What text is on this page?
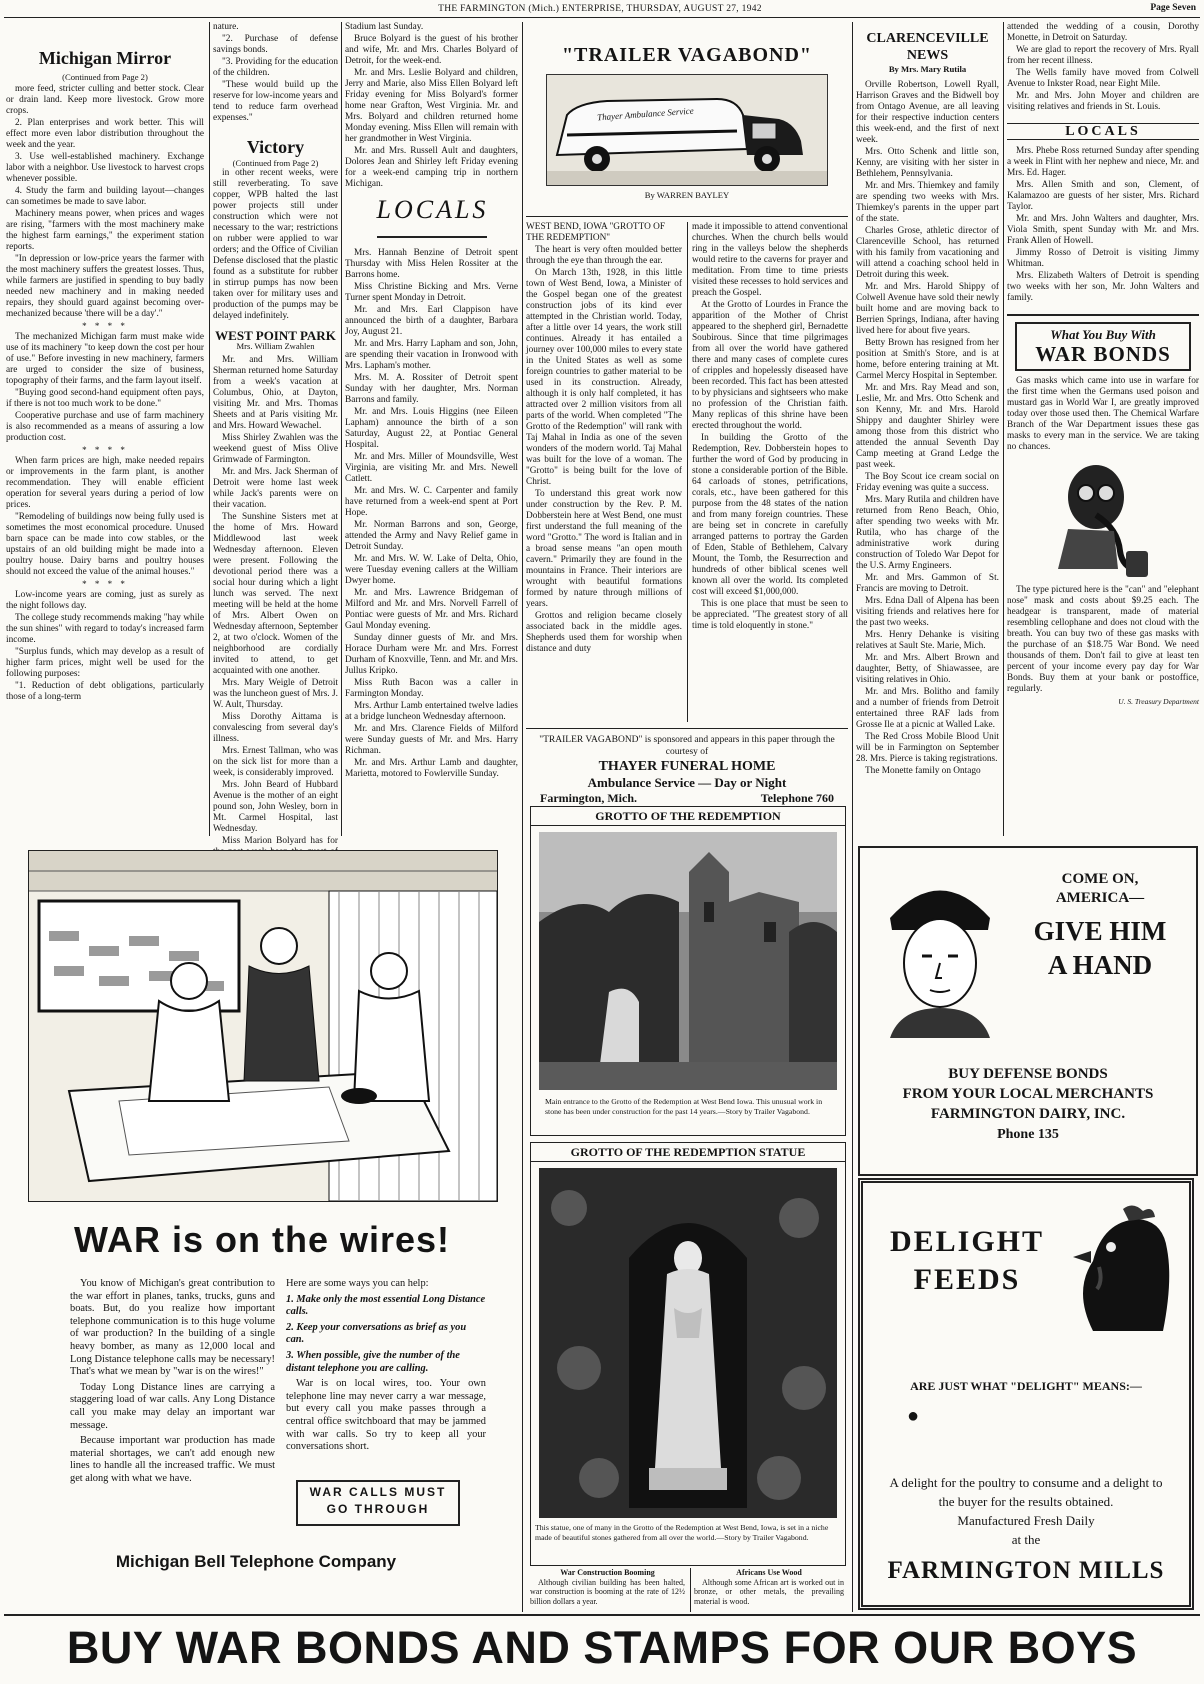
THE FARMINGTON (Mich.) ENTERPRISE, THURSDAY, AUGUST 27, 1942	Page Seven
Michigan Mirror
(Continued from Page 2)

more feed, stricter culling and better stock. Clear or drain land. Keep more livestock. Grow more crops.

2. Plan enterprises and work better. This will effect more even labor distribution throughout the week and the year.

3. Use well-established machinery. Exchange labor with a neighbor. Use livestock to harvest crops whenever possible.

4. Study the farm and building layout—changes can sometimes be made to save labor.

Machinery means power, when prices and wages are rising, "farmers with the most machinery make the highest farm earnings," the experiment station reports.

"In depression or low-price years the farmer with the most machinery suffers the greatest losses. Thus, while farmers are justified in spending to buy badly needed new machinery and in making needed repairs, they should guard against becoming over-mechanized because 'there will be a day'."

* * * *

The mechanized Michigan farm must make wide use of its machinery "to keep down the cost per hour of use." Before investing in new machinery, farmers are urged to consider the size of business, topography of their farms, and the farm layout itself.

"Buying good second-hand equipment often pays, if there is not too much work to be done."

Cooperative purchase and use of farm machinery is also recommended as a means of assuring a low production cost.

* * * *

When farm prices are high, make needed repairs or improvements in the farm plant, is another recommendation. They will enable efficient operation for several years during a period of low prices.

"Remodeling of buildings now being fully used is sometimes the most economical procedure. Unused barn space can be made into cow stables, or the upstairs of an old building might be made into a poultry house. Dairy barns and poultry houses should not exceed the value of the animal houses."

* * * *

Low-income years are coming, just as surely as the night follows day.

The college study recommends making "hay while the sun shines" with regard to today's increased farm income.

"Surplus funds, which may develop as a result of higher farm prices, might well be used for the following purposes:

"1. Reduction of debt obligations, particularly those of a long-term

nature.

"2. Purchase of defense savings bonds.

"3. Providing for the education of the children.

"These would build up the reserve for low-income years and tend to reduce farm overhead expenses."

Victory
(Continued from Page 2)

in other recent weeks, were still reverberating. To save copper, WPB halted the last power projects still under construction which were not necessary to the war; restrictions on rubber were applied to war orders; and the Office of Civilian Defense disclosed that the plastic found as a substitute for rubber in stirrup pumps has now been taken over for military uses and production of the pumps may be delayed indefinitely.

WEST POINT PARK
Mrs. William Zwahlen

Mr. and Mrs. William Sherman returned home Saturday from a week's vacation at Columbus, Ohio, at Dayton, visiting Mr. and Mrs. Thomas Sheets and at Paris visiting Mr. and Mrs. Howard Wewachel.

Miss Shirley Zwahlen was the weekend guest of Miss Olive Grimwade of Farmington.

Mr. and Mrs. Jack Sherman of Detroit were home last week while Jack's parents were on their vacation.

The Sunshine Sisters met at the home of Mrs. Howard Middlewood last week Wednesday afternoon. Eleven were present. Following the devotional period there was a social hour during which a light lunch was served. The next meeting will be held at the home of Mrs. Albert Owen on Wednesday afternoon, September 2, at two o'clock. Women of the neighborhood are cordially invited to attend, to get acquainted with one another.

Mrs. Mary Weigle of Detroit was the luncheon guest of Mrs. J. W. Ault, Thursday.

Miss Dorothy Aittama is convalescing from several day's illness.

Mrs. Ernest Tallman, who was on the sick list for more than a week, is considerably improved.

Mrs. John Beard of Hubbard Avenue is the mother of an eight pound son, John Wesley, born in Mt. Carmel Hospital, last Wednesday.

Miss Marion Bolyard has for

Stadium last Sunday.

Bruce Bolyard is the guest of his brother and wife, Mr. and Mrs. Charles Bolyard of Detroit, for the week-end.

Mr. and Mrs. Leslie Bolyard and children, Jerry and Marie, also Miss Ellen Bolyard left Friday evening for Miss Bolyard's former home near Grafton, West Virginia. Mr. and Mrs. Bolyard and children returned home Monday evening. Miss Ellen will remain with her grandmother in West Virginia.

Mr. and Mrs. Russell Ault and daughters, Dolores Jean and Shirley left Friday evening for a week-end camping trip in northern Michigan.

LOCALS

Mrs. Hannah Benzine of Detroit spent Thursday with Miss Helen Rossiter at the Barrons home.

Miss Christine Bicking and Mrs. Verne Turner spent Monday in Detroit.

Mr. and Mrs. Earl Clappison have announced the birth of a daughter, Barbara Joy, August 21.

Mr. and Mrs. Harry Lapham and son, John, are spending their vacation in Ironwood with Mrs. Lapham's mother.

Mrs. M. A. Rossiter of Detroit spent Sunday with her daughter, Mrs. Norman Barrons and family.

Mr. and Mrs. Louis Higgins (nee Eileen Lapham) announce the birth of a son Saturday, August 22, at Pontiac General Hospital.

Mr. and Mrs. Miller of Moundsville, West Virginia, are visiting Mr. and Mrs. Newell Catlett.

Mr. and Mrs. W. C. Carpenter and family have returned from a week-end spent at Port Hope.

Mr. Norman Barrons and son, George, attended the Army and Navy Relief game in Detroit Sunday.

Mr. and Mrs. W. W. Lake of Delta, Ohio, were Tuesday evening callers at the William Dwyer home.

Mr. and Mrs. Lawrence Bridgeman of Milford and Mr. and Mrs. Norvell Farrell of Pontiac were guests of Mr. and Mrs. Richard Gaul Monday evening.

Sunday dinner guests of Mr. and Mrs. Horace Durham were Mr. and Mrs. Forrest Durham of Knoxville, Tenn. and Mr. and Mrs. Jullus Kripko.

Miss Ruth Bacon was a caller in Farmington Monday.

Mrs. Arthur Lamb entertained twelve ladies at a bridge luncheon Wednesday afternoon.

Mr. and Mrs. Clarence Fields of Milford were Sunday guests of Mr. and Mrs. Harry Richman.

Mr. and Mrs. Arthur Lamb and daughter, Marietta, motored to Fowlerville Sunday.

"TRAILER VAGABOND"
Thayer Ambulance Service
By WARREN BAYLEY

WEST BEND, IOWA "GROTTO OF THE REDEMPTION"

The heart is very often moulded better through the eye than through the ear.

On March 13th, 1928, in this little town of West Bend, Iowa, a Minister of the Gospel began one of the greatest construction jobs of its kind ever attempted in the Christian world. Today, after a little over 14 years, the work still continues. Already it has entailed a journey over 100,000 miles to every state in the United States as well as some foreign countries to gather material to be used in its construction. Already, although it is only half completed, it has attracted over 2 million visitors from all parts of the world. When completed "The Grotto of the Redemption" will rank with Taj Mahal in India as one of the seven wonders of the modern world. Taj Mahal was built for the love of a woman. The "Grotto" is being built for the love of Christ.

To understand this great work now under construction by the Rev. P. M. Dobberstein here at West Bend, one must first understand the full meaning of the word "Grotto." The word is Italian and in a broad sense means "an open mouth cavern." Primarily they are found in the mountains in France. Their interiors are wrought with beautiful formations formed by nature through millions of years.

Grottos and religion became closely associated back in the middle ages. Shepherds used them for worship when distance and duty

made it impossible to attend conventional churches. When the church bells would ring in the valleys below the shepherds would retire to the caverns for prayer and meditation. From time to time priests visited these recesses to hold services and preach the Gospel.

At the Grotto of Lourdes in France the apparition of the Mother of Christ appeared to the shepherd girl, Bernadette Soubirous. Since that time pilgrimages from all over the world have gathered there and many cases of complete cures of cripples and hopelessly diseased have been recorded. This fact has been attested to by physicians and sightseers who make no profession of the Christian faith. Many replicas of this shrine have been erected throughout the world.

In building the Grotto of the Redemption, Rev. Dobberstein hopes to further the word of God by producing in stone a considerable portion of the Bible. 64 carloads of stones, petrifications, corals, etc., have been gathered for this purpose from the 48 states of the nation and from many foreign countries. These are being set in concrete in carefully arranged patterns to portray the Garden of Eden, Stable of Bethlehem, Calvary Mount, the Tomb, the Resurrection and hundreds of other biblical scenes well known all over the world. Its completed cost will exceed $1,000,000.

This is one place that must be seen to be appreciated. "The greatest story of all time is told eloquently in stone."

"TRAILER VAGABOND" is sponsored and appears in this paper through the courtesy of
THAYER FUNERAL HOME
Ambulance Service — Day or Night
Farmington, Mich.	Telephone 760
CLARENCEVILLE NEWS
By Mrs. Mary Rutila

Orville Robertson, Lowell Ryall, Harrison Graves and the Bidwell boy from Ontago Avenue, are all leaving for their respective induction centers this week-end, and the first of next week.

Mrs. Otto Schenk and little son, Kenny, are visiting with her sister in Bethlehem, Pennsylvania.

Mr. and Mrs. Thiemkey and family are spending two weeks with Mrs. Thiemkey's parents in the upper part of the state.

Charles Grose, athletic director of Clarenceville School, has returned with his family from vacationing and will attend a coaching school held in Detroit during this week.

Mr. and Mrs. Harold Shippy of Colwell Avenue have sold their newly built home and are moving back to Berrien Springs, Indiana, after having lived here for about five years.

Betty Brown has resigned from her position at Smith's Store, and is at home, before entering training at Mt. Carmel Mercy Hospital in September.

Mr. and Mrs. Ray Mead and son, Leslie, Mr. and Mrs. Otto Schenk and son Kenny, Mr. and Mrs. Harold Shippy and daughter Shirley were among those from this district who attended the annual Seventh Day Camp meeting at Grand Ledge the past week.

The Boy Scout ice cream social on Friday evening was quite a success.

Mrs. Mary Rutila and children have returned from Reno Beach, Ohio, after spending two weeks with Mr. Rutila, who has charge of the administrative work during construction of Toledo War Depot for the U.S. Army Engineers.

Mr. and Mrs. Gammon of St. Francis are moving to Detroit.

Mrs. Edna Dall of Alpena has been visiting friends and relatives here for the past two weeks.

Mrs. Henry Dehanke is visiting relatives at Sault Ste. Marie, Mich.

Mr. and Mrs. Albert Brown and daughter, Betty, of Shiawassee, are visiting relatives in Ohio.

Mr. and Mrs. Bolitho and family and a number of friends from Detroit entertained three RAF lads from Grosse Ile at a picnic at Walled Lake.

The Red Cross Mobile Blood Unit will be in Farmington on September 28. Mrs. Pierce is taking registrations.

The Monette family on Ontago

attended the wedding of a cousin, Dorothy Monette, in Detroit on Saturday.

We are glad to report the recovery of Mrs. Ryall from her recent illness.

The Wells family have moved from Colwell Avenue to Inkster Road, near Eight Mile.

Mr. and Mrs. John Moyer and children are visiting relatives and friends in St. Louis.

LOCALS

Mrs. Phebe Ross returned Sunday after spending a week in Flint with her nephew and niece, Mr. and Mrs. Ed. Hager.

Mrs. Allen Smith and son, Clement, of Kalamazoo are guests of her sister, Mrs. Richard Taylor.

Mr. and Mrs. John Walters and daughter, Mrs. Viola Smith, spent Sunday with Mr. and Mrs. Frank Allen of Howell.

Jimmy Rosso of Detroit is visiting Jimmy Whitman.

Mrs. Elizabeth Walters of Detroit is spending two weeks with her son, Mr. John Walters and family.

What You Buy With
WAR BONDS

Gas masks which came into use in warfare for the first time when the Germans used poison and mustard gas in World War I, are greatly improved today over those used then. The Chemical Warfare Branch of the War Department issues these gas masks to every man in the service. We are taking no chances.

The type pictured here is the "can" and "elephant nose" mask and costs about $9.25 each. The headgear is transparent, made of material resembling cellophane and does not cloud with the breath. You can buy two of these gas masks with the purchase of an $18.75 War Bond. We need thousands of them. Don't fail to give at least ten percent of your income every pay day for War Bonds. Buy them at your bank or postoffice, regularly.

U. S. Treasury Department
WAR is on the wires!

You know of Michigan's great contribution to the war effort in planes, tanks, trucks, guns and boats. But, do you realize how important telephone communication is to this huge volume of war production? In the building of a single heavy bomber, as many as 12,000 local and Long Distance telephone calls may be necessary! That's what we mean by "war is on the wires!"

Today Long Distance lines are carrying a staggering load of war calls. Any Long Distance call you make may delay an important war message.

Because important war production has made material shortages, we can't add enough new lines to handle all the increased traffic. We must get along with what we have.

Here are some ways you can help:

1. Make only the most essential Long Distance calls.

2. Keep your conversations as brief as you can.

3. When possible, give the number of the distant telephone you are calling.

War is on local wires, too. Your own telephone line may never carry a war message, but every call you make passes through a central office switchboard that may be jammed with war calls. So try to keep all your conversations short.

WAR CALLS MUST
GO THROUGH
Michigan Bell Telephone Company
GROTTO OF THE REDEMPTION
Main entrance to the Grotto of the Redemption at West Bend Iowa. This unusual work in stone has been under construction for the past 14 years.—Story by Trailer Vagabond.
GROTTO OF THE REDEMPTION STATUE
This statue, one of many in the Grotto of the Redemption at West Bend, Iowa, is set in a niche made of beautiful stones gathered from all over the world.—Story by Trailer Vagabond.
War Construction Booming
Although civilian building has been halted, war construction is booming at the rate of 12½ billion dollars a year.
Africans Use Wood
Although some African art is worked out in bronze, or other metals, the prevailing material is wood.
COME ON,
AMERICA—
GIVE HIM
A HAND
BUY DEFENSE BONDS
FROM YOUR LOCAL MERCHANTS
FARMINGTON DAIRY, INC.
Phone 135
DELIGHT
FEEDS
ARE JUST WHAT "DELIGHT" MEANS:—
●
A delight for the poultry to consume and a delight to the buyer for the results obtained.
Manufactured Fresh Daily
at the
FARMINGTON MILLS
BUY WAR BONDS AND STAMPS FOR OUR BOYS
